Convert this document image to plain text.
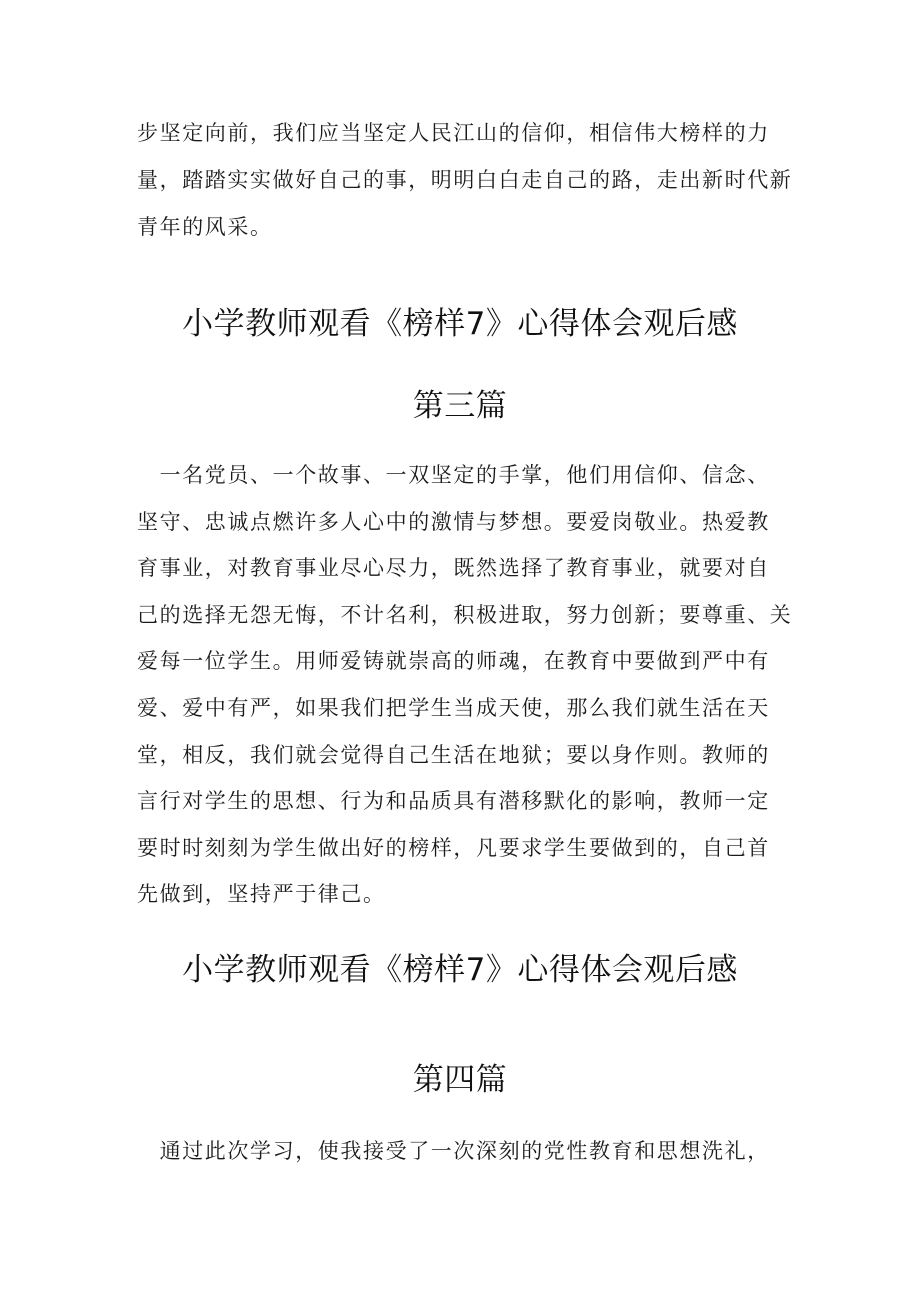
步坚定向前，我们应当坚定人民江山的信仰，相信伟大榜样的力
量，踏踏实实做好自己的事，明明白白走自己的路，走出新时代新
青年的风采。
小学教师观看《榜样7》心得体会观后感
第三篇
　一名党员、一个故事、一双坚定的手掌，他们用信仰、信念、
坚守、忠诚点燃许多人心中的激情与梦想。要爱岗敬业。热爱教
育事业，对教育事业尽心尽力，既然选择了教育事业，就要对自
己的选择无怨无悔，不计名利，积极进取，努力创新；要尊重、关
爱每一位学生。用师爱铸就崇高的师魂，在教育中要做到严中有
爱、爱中有严，如果我们把学生当成天使，那么我们就生活在天
堂，相反，我们就会觉得自己生活在地狱；要以身作则。教师的
言行对学生的思想、行为和品质具有潜移默化的影响，教师一定
要时时刻刻为学生做出好的榜样，凡要求学生要做到的，自己首
先做到，坚持严于律己。
小学教师观看《榜样7》心得体会观后感
第四篇
　通过此次学习，使我接受了一次深刻的党性教育和思想洗礼，
